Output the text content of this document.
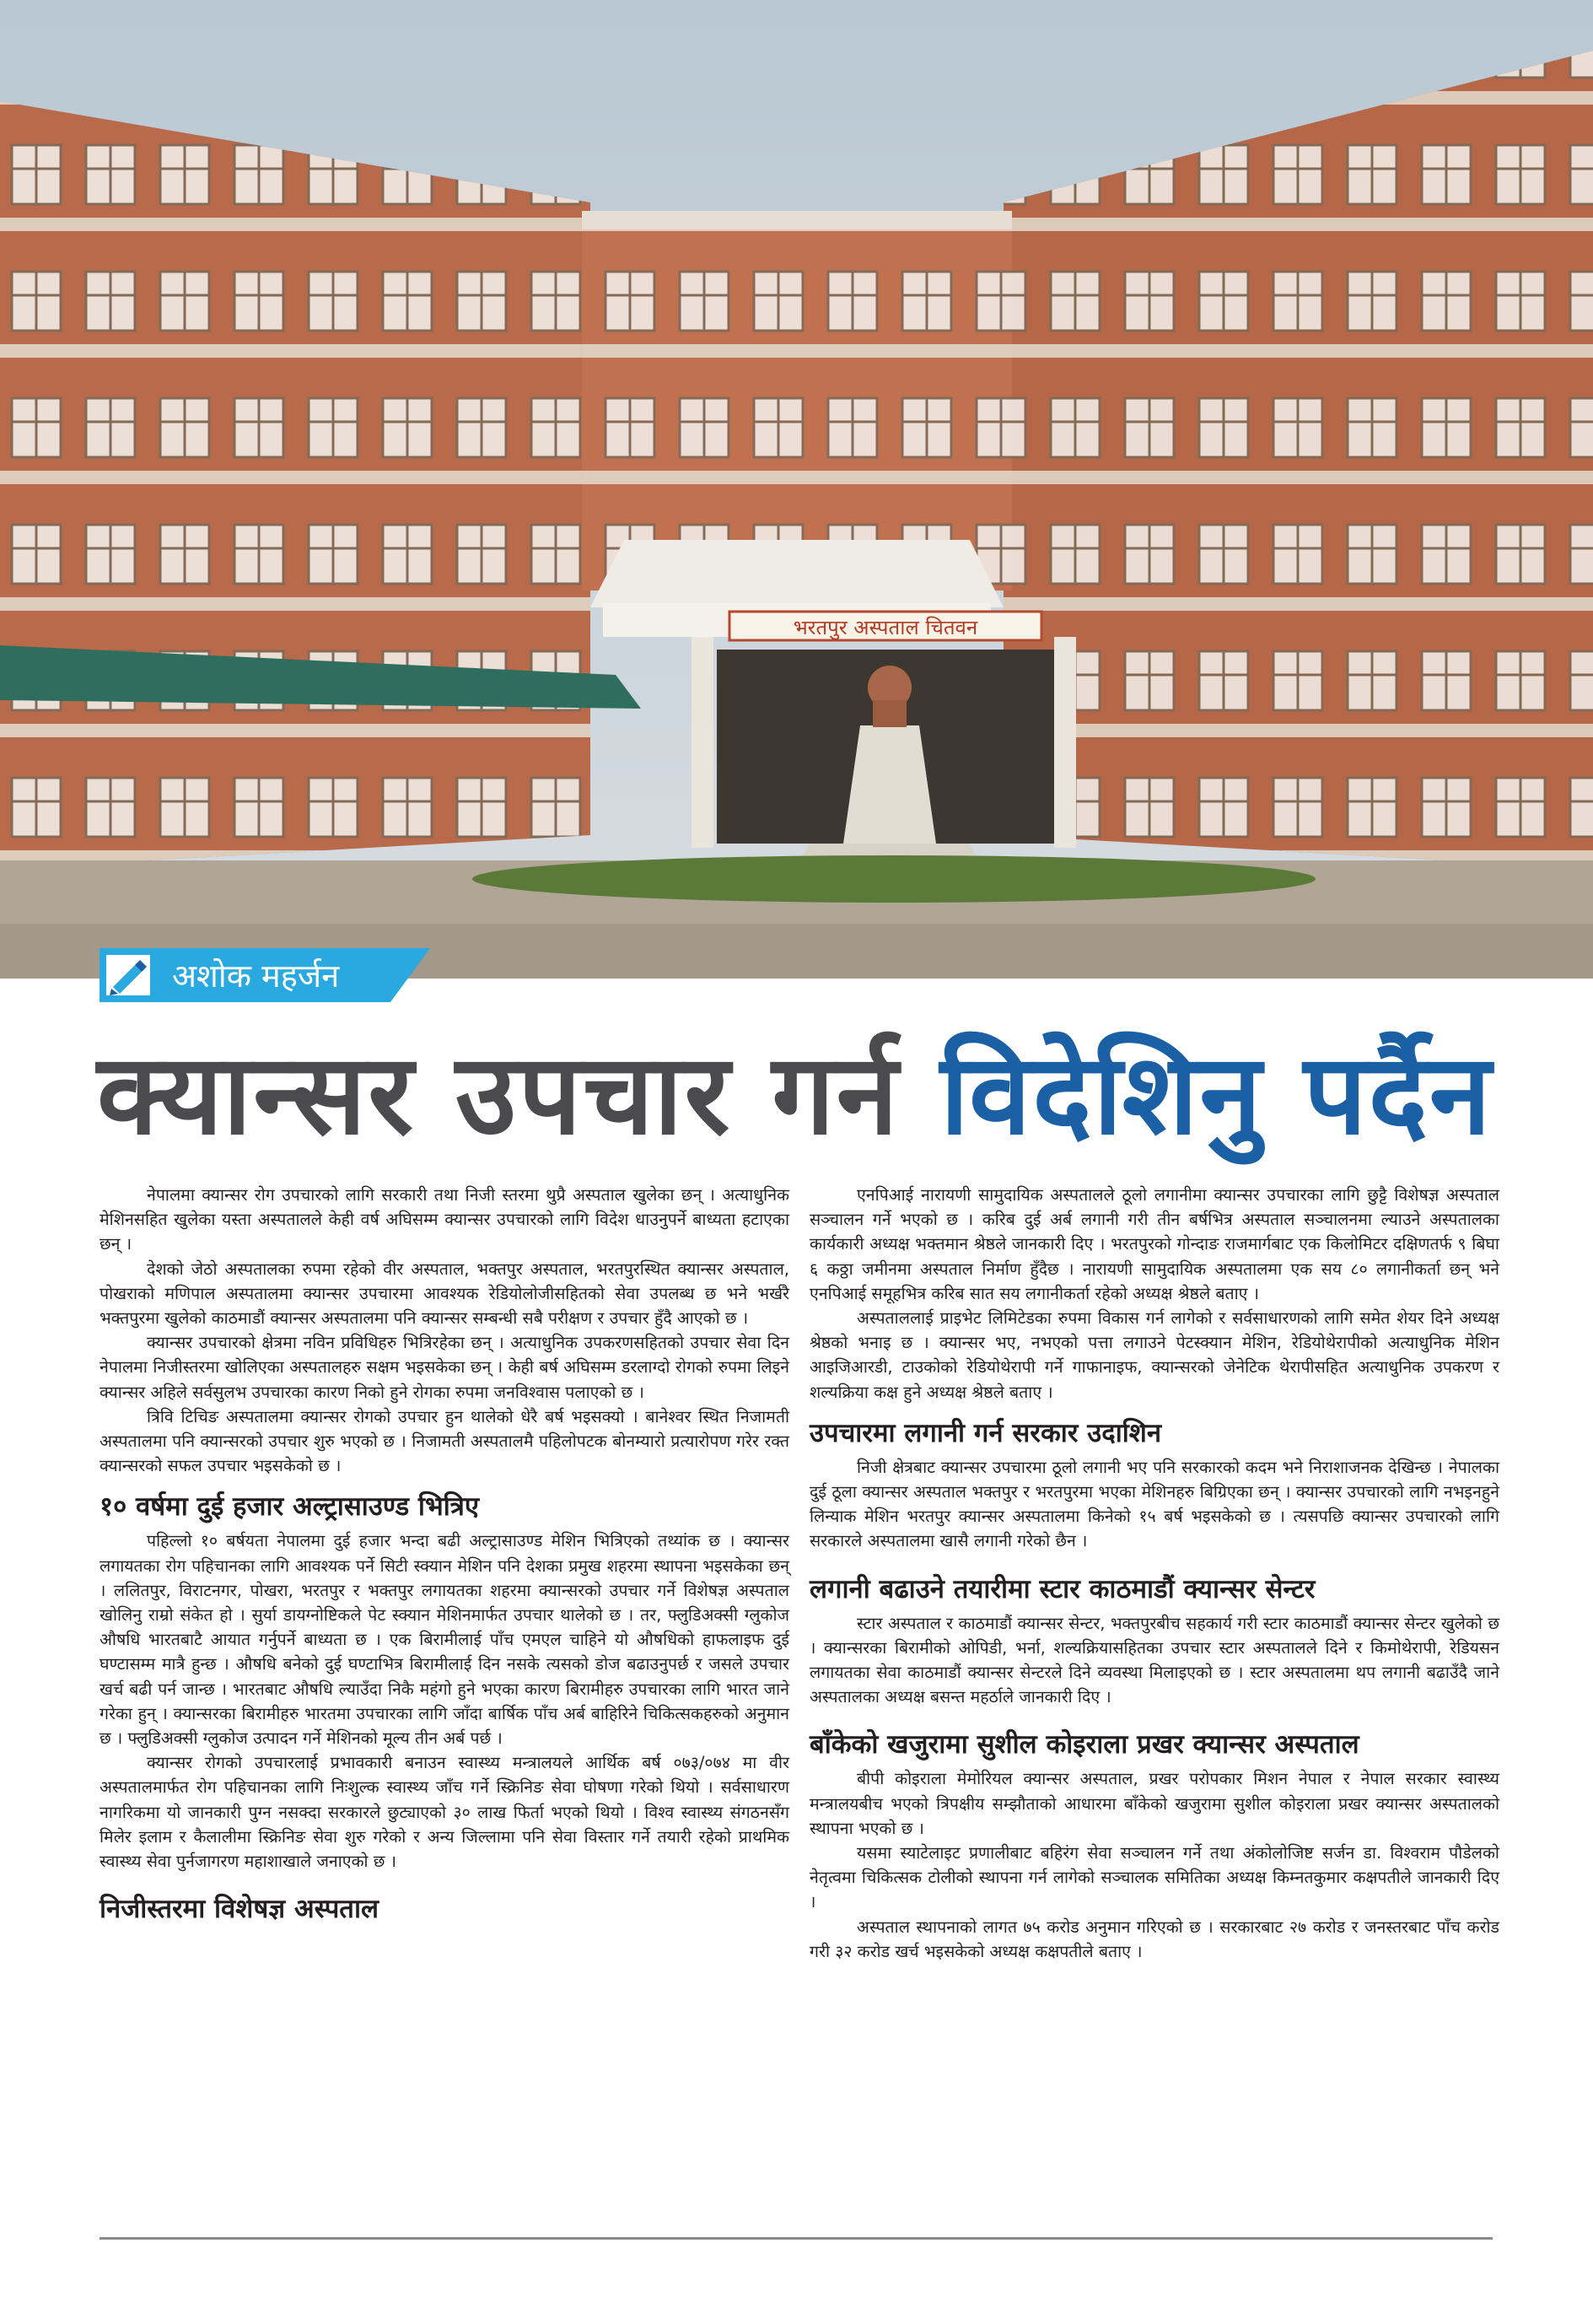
भरतपुर अस्पताल चितवन
अशोक महर्जन
क्यान्सर उपचार गर्न विदेशिनु पर्दैन

नेपालमा क्यान्सर रोग उपचारको लागि सरकारी तथा निजी स्तरमा थुप्रै अस्पताल खुलेका छन् । अत्याधुनिक मेशिनसहित खुलेका यस्ता अस्पतालले केही वर्ष अघिसम्म क्यान्सर उपचारको लागि विदेश धाउनुपर्ने बाध्यता हटाएका छन् ।

देशको जेठो अस्पतालका रुपमा रहेको वीर अस्पताल, भक्तपुर अस्पताल, भरतपुरस्थित क्यान्सर अस्पताल, पोखराको मणिपाल अस्पतालमा क्यान्सर उपचारमा आवश्यक रेडियोलोजीसहितको सेवा उपलब्ध छ भने भर्खरै भक्तपुरमा खुलेको काठमाडौं क्यान्सर अस्पतालमा पनि क्यान्सर सम्बन्धी सबै परीक्षण र उपचार हुँदै आएको छ ।

क्यान्सर उपचारको क्षेत्रमा नविन प्रविधिहरु भित्रिरहेका छन् । अत्याधुनिक उपकरणसहितको उपचार सेवा दिन नेपालमा निजीस्तरमा खोलिएका अस्पतालहरु सक्षम भइसकेका छन् । केही बर्ष अघिसम्म डरलाग्दो रोगको रुपमा लिइने क्यान्सर अहिले सर्वसुलभ उपचारका कारण निको हुने रोगका रुपमा जनविश्वास पलाएको छ ।

त्रिवि टिचिङ अस्पतालमा क्यान्सर रोगको उपचार हुन थालेको धेरै बर्ष भइसक्यो । बानेश्वर स्थित निजामती अस्पतालमा पनि क्यान्सरको उपचार शुरु भएको छ । निजामती अस्पतालमै पहिलोपटक बोनम्यारो प्रत्यारोपण गरेर रक्त क्यान्सरको सफल उपचार भइसकेको छ ।

१० वर्षमा दुई हजार अल्ट्रासाउण्ड भित्रिए

पहिल्लो १० बर्षयता नेपालमा दुई हजार भन्दा बढी अल्ट्रासाउण्ड मेशिन भित्रिएको तथ्यांक छ । क्यान्सर लगायतका रोग पहिचानका लागि आवश्यक पर्ने सिटी स्क्यान मेशिन पनि देशका प्रमुख शहरमा स्थापना भइसकेका छन् । ललितपुर, विराटनगर, पोखरा, भरतपुर र भक्तपुर लगायतका शहरमा क्यान्सरको उपचार गर्ने विशेषज्ञ अस्पताल खोलिनु राम्रो संकेत हो । सुर्या डायग्नोष्टिकले पेट स्क्यान मेशिनमार्फत उपचार थालेको छ । तर, फ्लुडिअक्सी ग्लुकोज औषधि भारतबाटै आयात गर्नुपर्ने बाध्यता छ । एक बिरामीलाई पाँच एमएल चाहिने यो औषधिको हाफलाइफ दुई घण्टासम्म मात्रै हुन्छ । औषधि बनेको दुई घण्टाभित्र बिरामीलाई दिन नसके त्यसको डोज बढाउनुपर्छ र जसले उपचार खर्च बढी पर्न जान्छ । भारतबाट औषधि ल्याउँदा निकै महंगो हुने भएका कारण बिरामीहरु उपचारका लागि भारत जाने गरेका हुन् । क्यान्सरका बिरामीहरु भारतमा उपचारका लागि जाँदा बार्षिक पाँच अर्ब बाहिरिने चिकित्सकहरुको अनुमान छ । फ्लुडिअक्सी ग्लुकोज उत्पादन गर्ने मेशिनको मूल्य तीन अर्ब पर्छ ।

क्यान्सर रोगको उपचारलाई प्रभावकारी बनाउन स्वास्थ्य मन्त्रालयले आर्थिक बर्ष ०७३/०७४ मा वीर अस्पतालमार्फत रोग पहिचानका लागि निःशुल्क स्वास्थ्य जाँच गर्ने स्क्रिनिङ सेवा घोषणा गरेको थियो । सर्वसाधारण नागरिकमा यो जानकारी पुग्न नसक्दा सरकारले छुट्याएको ३० लाख फिर्ता भएको थियो । विश्व स्वास्थ्य संगठनसँग मिलेर इलाम र कैलालीमा स्क्रिनिङ सेवा शुरु गरेको र अन्य जिल्लामा पनि सेवा विस्तार गर्ने तयारी रहेको प्राथमिक स्वास्थ्य सेवा पुर्नजागरण महाशाखाले जनाएको छ ।

निजीस्तरमा विशेषज्ञ अस्पताल

एनपिआई नारायणी सामुदायिक अस्पतालले ठूलो लगानीमा क्यान्सर उपचारका लागि छुट्टै विशेषज्ञ अस्पताल सञ्चालन गर्ने भएको छ । करिब दुई अर्ब लगानी गरी तीन बर्षभित्र अस्पताल सञ्चालनमा ल्याउने अस्पतालका कार्यकारी अध्यक्ष भक्तमान श्रेष्ठले जानकारी दिए । भरतपुरको गोन्दाङ राजमार्गबाट एक किलोमिटर दक्षिणतर्फ ९ बिघा ६ कठ्ठा जमीनमा अस्पताल निर्माण हुँदैछ । नारायणी सामुदायिक अस्पतालमा एक सय ८० लगानीकर्ता छन् भने एनपिआई समूहभित्र करिब सात सय लगानीकर्ता रहेको अध्यक्ष श्रेष्ठले बताए ।

अस्पताललाई प्राइभेट लिमिटेडका रुपमा विकास गर्न लागेको र सर्वसाधारणको लागि समेत शेयर दिने अध्यक्ष श्रेष्ठको भनाइ छ । क्यान्सर भए, नभएको पत्ता लगाउने पेटस्क्यान मेशिन, रेडियोथेरापीको अत्याधुनिक मेशिन आइजिआरडी, टाउकोको रेडियोथेरापी गर्ने गाफानाइफ, क्यान्सरको जेनेटिक थेरापीसहित अत्याधुनिक उपकरण र शल्यक्रिया कक्ष हुने अध्यक्ष श्रेष्ठले बताए ।

उपचारमा लगानी गर्न सरकार उदाशिन

निजी क्षेत्रबाट क्यान्सर उपचारमा ठूलो लगानी भए पनि सरकारको कदम भने निराशाजनक देखिन्छ । नेपालका दुई ठूला क्यान्सर अस्पताल भक्तपुर र भरतपुरमा भएका मेशिनहरु बिग्रिएका छन् । क्यान्सर उपचारको लागि नभइनहुने लिन्याक मेशिन भरतपुर क्यान्सर अस्पतालमा किनेको १५ बर्ष भइसकेको छ । त्यसपछि क्यान्सर उपचारको लागि सरकारले अस्पतालमा खासै लगानी गरेको छैन ।

लगानी बढाउने तयारीमा स्टार काठमाडौं क्यान्सर सेन्टर

स्टार अस्पताल र काठमाडौं क्यान्सर सेन्टर, भक्तपुरबीच सहकार्य गरी स्टार काठमाडौं क्यान्सर सेन्टर खुलेको छ । क्यान्सरका बिरामीको ओपिडी, भर्ना, शल्यक्रियासहितका उपचार स्टार अस्पतालले दिने र किमोथेरापी, रेडियसन लगायतका सेवा काठमाडौं क्यान्सर सेन्टरले दिने व्यवस्था मिलाइएको छ । स्टार अस्पतालमा थप लगानी बढाउँदै जाने अस्पतालका अध्यक्ष बसन्त महर्ठाले जानकारी दिए ।

बाँकेको खजुरामा सुशील कोइराला प्रखर क्यान्सर अस्पताल

बीपी कोइराला मेमोरियल क्यान्सर अस्पताल, प्रखर परोपकार मिशन नेपाल र नेपाल सरकार स्वास्थ्य मन्त्रालयबीच भएको त्रिपक्षीय सम्झौताको आधारमा बाँकेको खजुरामा सुशील कोइराला प्रखर क्यान्सर अस्पतालको स्थापना भएको छ ।

यसमा स्याटेलाइट प्रणालीबाट बहिरंग सेवा सञ्चालन गर्ने तथा अंकोलोजिष्ट सर्जन डा. विश्वराम पौडेलको नेतृत्वमा चिकित्सक टोलीको स्थापना गर्न लागेको सञ्चालक समितिका अध्यक्ष किम्नतकुमार कक्षपतीले जानकारी दिए ।

अस्पताल स्थापनाको लागत ७५ करोड अनुमान गरिएको छ । सरकारबाट २७ करोड र जनस्तरबाट पाँच करोड गरी ३२ करोड खर्च भइसकेको अध्यक्ष कक्षपतीले बताए ।
